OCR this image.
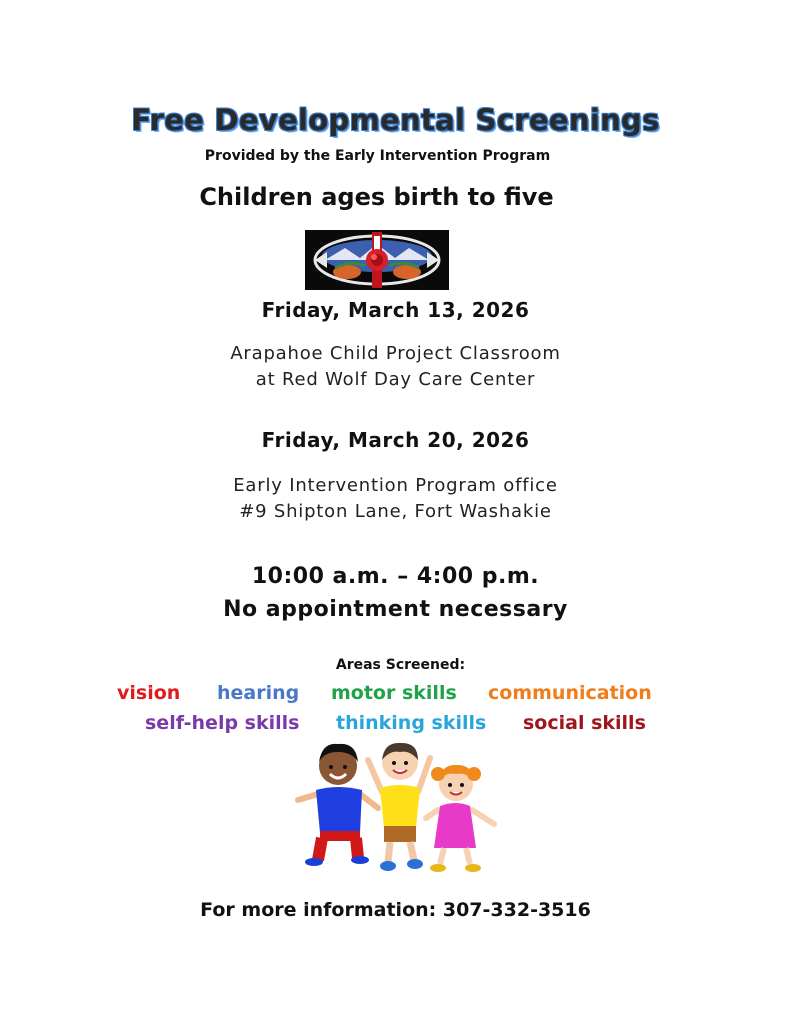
Free Developmental Screenings
Provided by the Early Intervention Program
Children ages birth to five
Friday, March 13, 2026
Arapahoe Child Project Classroom
at Red Wolf Day Care Center
Friday, March 20, 2026
Early Intervention Program office
#9 Shipton Lane, Fort Washakie
10:00 a.m. – 4:00 p.m.
No appointment necessary
Areas Screened:
vision hearing motor skills communication
self-help skills thinking skills social skills
For more information: 307-332-3516
